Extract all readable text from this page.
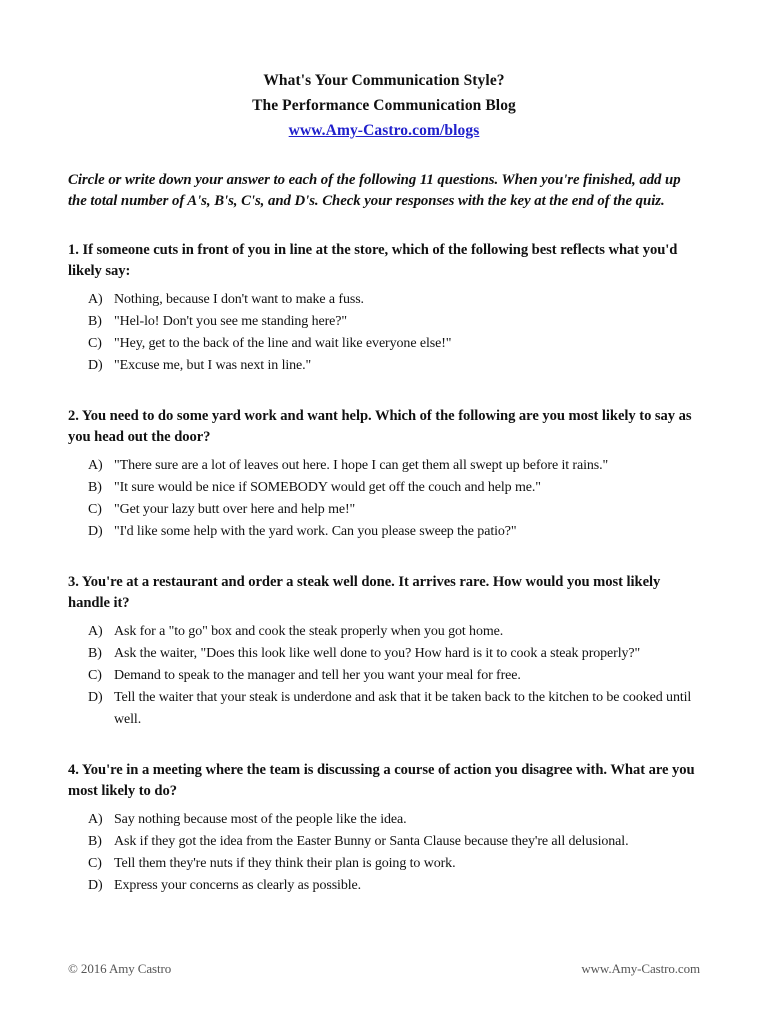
What's Your Communication Style?
The Performance Communication Blog
www.Amy-Castro.com/blogs
Circle or write down your answer to each of the following 11 questions. When you're finished, add up the total number of A's, B's, C's, and D's. Check your responses with the key at the end of the quiz.
1. If someone cuts in front of you in line at the store, which of the following best reflects what you'd likely say:
A) Nothing, because I don't want to make a fuss.
B) "Hel-lo! Don't you see me standing here?"
C) "Hey, get to the back of the line and wait like everyone else!"
D) "Excuse me, but I was next in line."
2. You need to do some yard work and want help. Which of the following are you most likely to say as you head out the door?
A) "There sure are a lot of leaves out here. I hope I can get them all swept up before it rains."
B) "It sure would be nice if SOMEBODY would get off the couch and help me."
C) "Get your lazy butt over here and help me!"
D) "I'd like some help with the yard work. Can you please sweep the patio?"
3. You're at a restaurant and order a steak well done. It arrives rare. How would you most likely handle it?
A) Ask for a "to go" box and cook the steak properly when you got home.
B) Ask the waiter, "Does this look like well done to you? How hard is it to cook a steak properly?"
C) Demand to speak to the manager and tell her you want your meal for free.
D) Tell the waiter that your steak is underdone and ask that it be taken back to the kitchen to be cooked until well.
4. You're in a meeting where the team is discussing a course of action you disagree with. What are you most likely to do?
A) Say nothing because most of the people like the idea.
B) Ask if they got the idea from the Easter Bunny or Santa Clause because they're all delusional.
C) Tell them they're nuts if they think their plan is going to work.
D) Express your concerns as clearly as possible.
© 2016 Amy Castro	www.Amy-Castro.com
